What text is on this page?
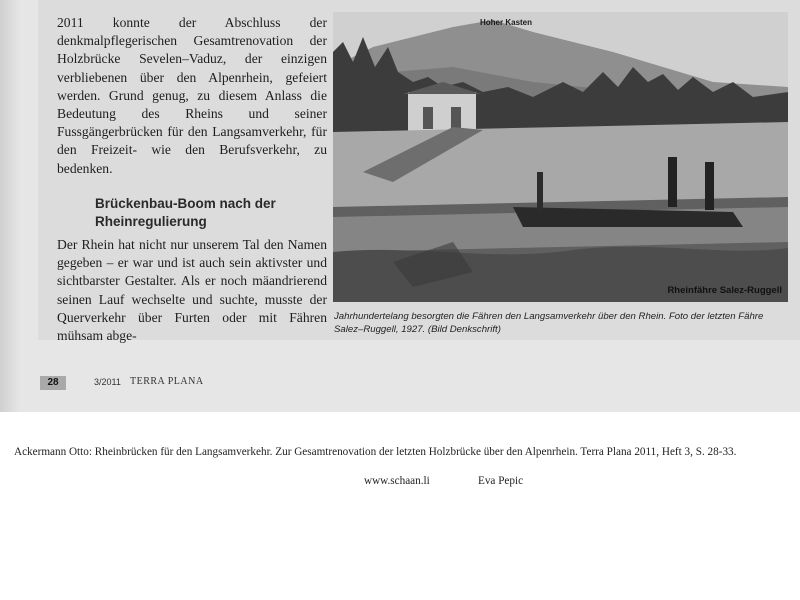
2011 konnte der Abschluss der denkmalpflegerischen Gesamtrenovation der Holzbrücke Sevelen–Vaduz, der einzigen verbliebenen über den Alpenrhein, gefeiert werden. Grund genug, zu diesem Anlass die Bedeutung des Rheins und seiner Fussgängerbrücken für den Langsamverkehr, für den Freizeit- wie den Berufsverkehr, zu bedenken.

Brückenbau-Boom nach der Rheinregulierung

Der Rhein hat nicht nur unserem Tal den Namen gegeben – er war und ist auch sein aktivster und sichtbarster Gestalter. Als er noch mäandrierend seinen Lauf wechselte und suchte, musste der Querverkehr über Furten oder mit Fähren mühsam abge-

Hoher Kasten
Rheinfähre Salez-Ruggell

Jahrhundertelang besorgten die Fähren den Langsamverkehr über den Rhein. Foto der letzten Fähre Salez–Ruggell, 1927. (Bild Denkschrift)

28	3/2011 TERRA PLANA

Ackermann Otto: Rheinbrücken für den Langsamverkehr. Zur Gesamtrenovation der letzten Holzbrücke über den Alpenrhein. Terra Plana 2011, Heft 3, S. 28-33.

www.schaan.li	Eva Pepic
